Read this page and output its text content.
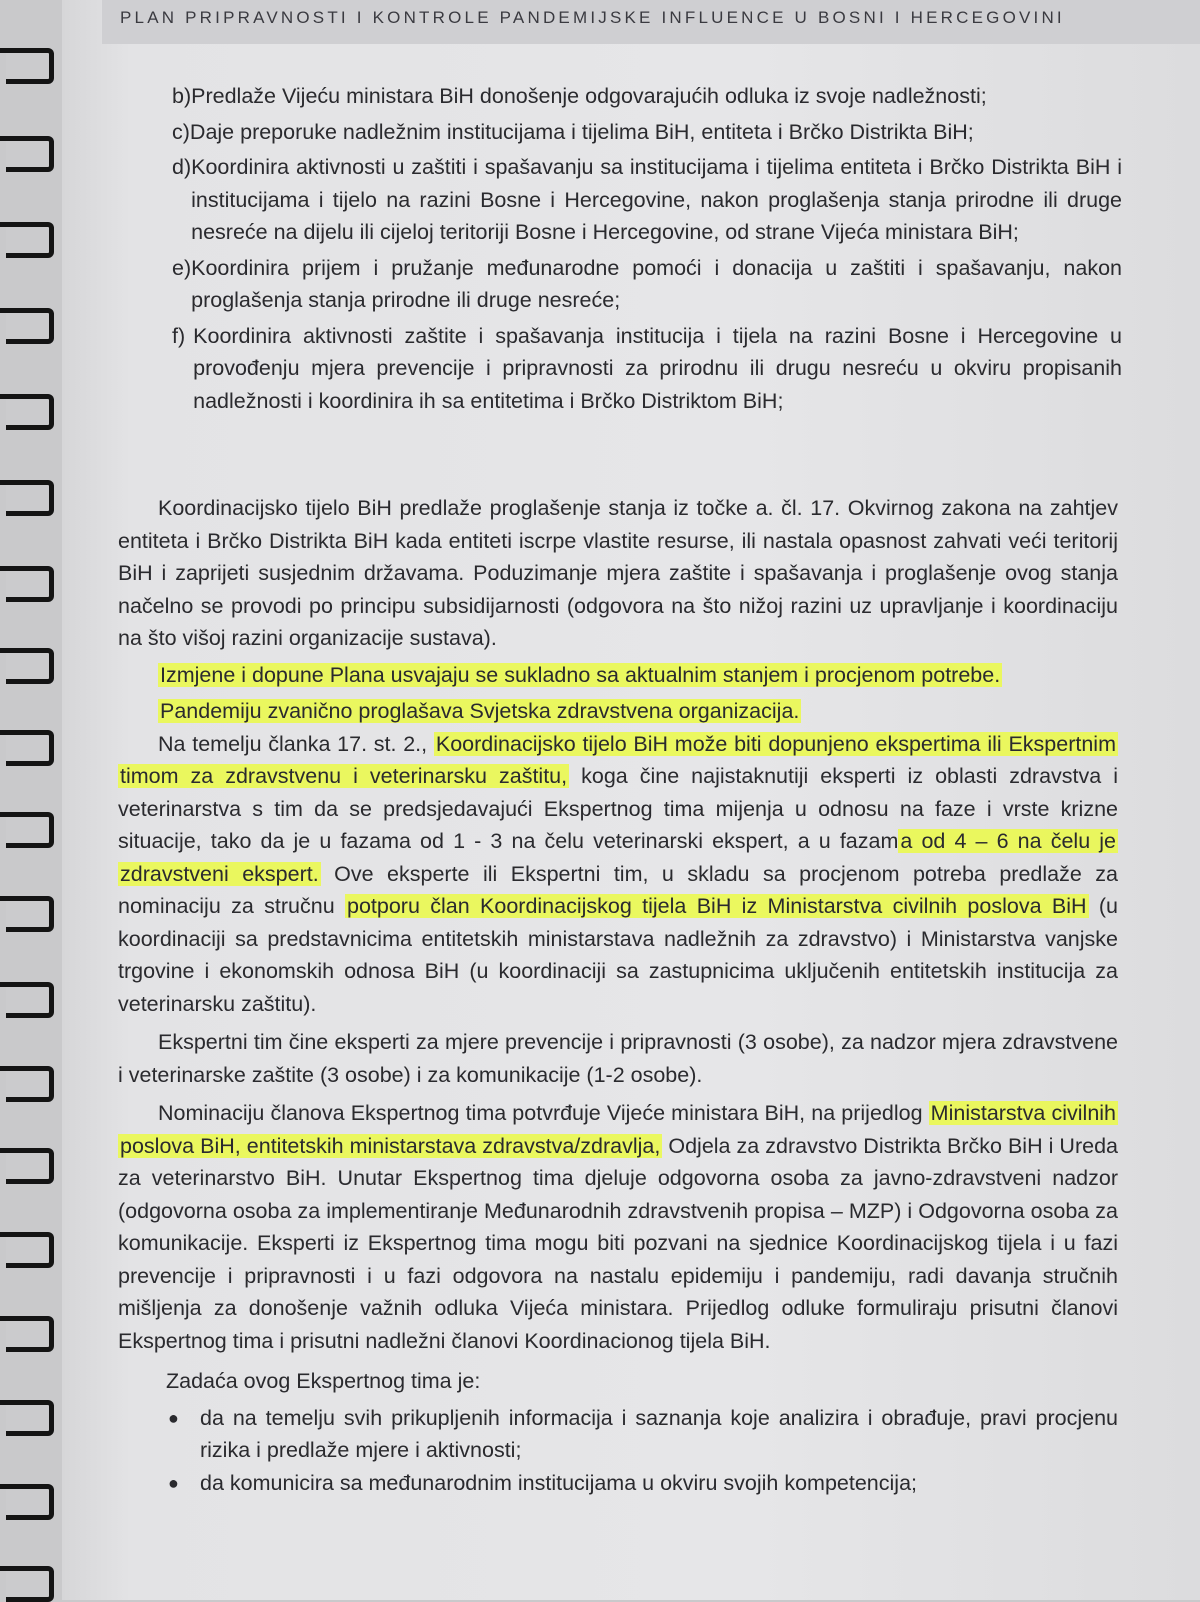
PLAN PRIPRAVNOSTI I KONTROLE PANDEMIJSKE INFLUENCE U BOSNI I HERCEGOVINI
b) Predlaže Vijeću ministara BiH donošenje odgovarajućih odluka iz svoje nadležnosti;
c) Daje preporuke nadležnim institucijama i tijelima BiH, entiteta i Brčko Distrikta BiH;
d) Koordinira aktivnosti u zaštiti i spašavanju sa institucijama i tijelima entiteta i Brčko Distrikta BiH i institucijama i tijelo na razini Bosne i Hercegovine, nakon proglašenja stanja prirodne ili druge nesreće na dijelu ili cijeloj teritoriji Bosne i Hercegovine, od strane Vijeća ministara BiH;
e) Koordinira prijem i pružanje međunarodne pomoći i donacija u zaštiti i spašavanju, nakon proglašenja stanja prirodne ili druge nesreće;
f) Koordinira aktivnosti zaštite i spašavanja institucija i tijela na razini Bosne i Hercegovine u provođenju mjera prevencije i pripravnosti za prirodnu ili drugu nesreću u okviru propisanih nadležnosti i koordinira ih sa entitetima i Brčko Distriktom BiH;

Koordinacijsko tijelo BiH predlaže proglašenje stanja iz točke a. čl. 17. Okvirnog zakona na zahtjev entiteta i Brčko Distrikta BiH kada entiteti iscrpe vlastite resurse, ili nastala opasnost zahvati veći teritorij BiH i zaprijeti susjednim državama. Poduzimanje mjera zaštite i spašavanja i proglašenje ovog stanja načelno se provodi po principu subsidijarnosti (odgovora na što nižoj razini uz upravljanje i koordinaciju na što višoj razini organizacije sustava).

Izmjene i dopune Plana usvajaju se sukladno sa aktualnim stanjem i procjenom potrebe.

Pandemiju zvanično proglašava Svjetska zdravstvena organizacija.

Na temelju članka 17. st. 2., Koordinacijsko tijelo BiH može biti dopunjeno ekspertima ili Ekspertnim timom za zdravstvenu i veterinarsku zaštitu, koga čine najistaknutiji eksperti iz oblasti zdravstva i veterinarstva s tim da se predsjedavajući Ekspertnog tima mijenja u odnosu na faze i vrste krizne situacije, tako da je u fazama od 1 - 3 na čelu veterinarski ekspert, a u fazama od 4 – 6 na čelu je zdravstveni ekspert. Ove eksperte ili Ekspertni tim, u skladu sa procjenom potreba predlaže za nominaciju za stručnu potporu član Koordinacijskog tijela BiH iz Ministarstva civilnih poslova BiH (u koordinaciji sa predstavnicima entitetskih ministarstava nadležnih za zdravstvo) i Ministarstva vanjske trgovine i ekonomskih odnosa BiH (u koordinaciji sa zastupnicima uključenih entitetskih institucija za veterinarsku zaštitu).

Ekspertni tim čine eksperti za mjere prevencije i pripravnosti (3 osobe), za nadzor mjera zdravstvene i veterinarske zaštite (3 osobe) i za komunikacije (1-2 osobe).

Nominaciju članova Ekspertnog tima potvrđuje Vijeće ministara BiH, na prijedlog Ministarstva civilnih poslova BiH, entitetskih ministarstava zdravstva/zdravlja, Odjela za zdravstvo Distrikta Brčko BiH i Ureda za veterinarstvo BiH. Unutar Ekspertnog tima djeluje odgovorna osoba za javno-zdravstveni nadzor (odgovorna osoba za implementiranje Međunarodnih zdravstvenih propisa – MZP) i Odgovorna osoba za komunikacije. Eksperti iz Ekspertnog tima mogu biti pozvani na sjednice Koordinacijskog tijela i u fazi prevencije i pripravnosti i u fazi odgovora na nastalu epidemiju i pandemiju, radi davanja stručnih mišljenja za donošenje važnih odluka Vijeća ministara. Prijedlog odluke formuliraju prisutni članovi Ekspertnog tima i prisutni nadležni članovi Koordinacionog tijela BiH.

Zadaća ovog Ekspertnog tima je:

● da na temelju svih prikupljenih informacija i saznanja koje analizira i obrađuje, pravi procjenu rizika i predlaže mjere i aktivnosti;
● da komunicira sa međunarodnim institucijama u okviru svojih kompetencija;
